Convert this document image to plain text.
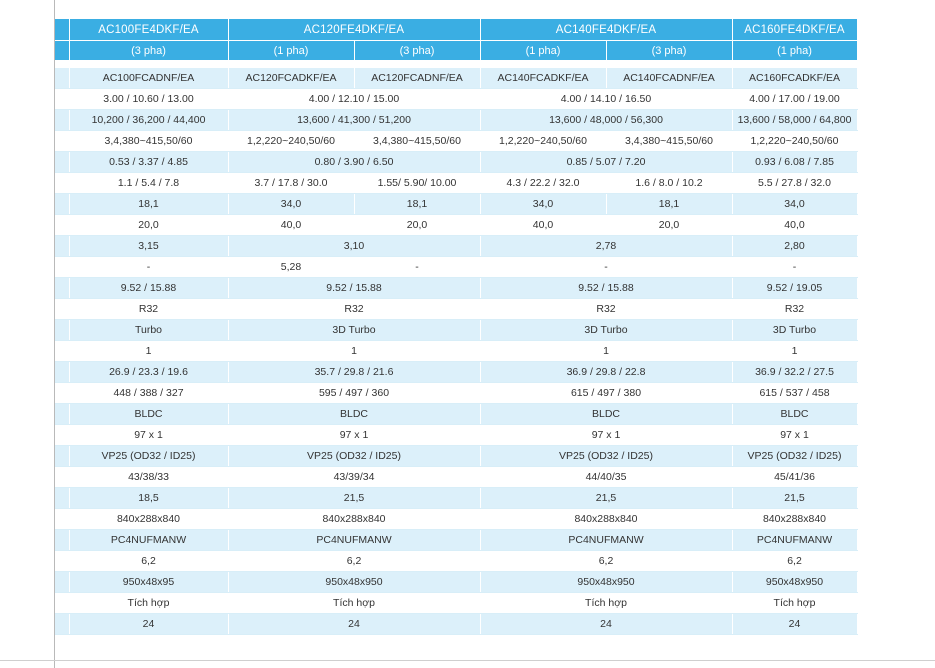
	AC100FE4DKF/EA	AC120FE4DKF/EA		AC140FE4DKF/EA		AC160FE4DKF/EA
	(3 pha)	(1 pha)	(3 pha)	(1 pha)	(3 pha)	(1 pha)

	AC100FCADNF/EA	AC120FCADKF/EA	AC120FCADNF/EA	AC140FCADKF/EA	AC140FCADNF/EA	AC160FCADKF/EA
	3.00 / 10.60 / 13.00	4.00 / 12.10 / 15.00		4.00 / 14.10 / 16.50		4.00 / 17.00 / 19.00
	10,200 / 36,200 / 44,400	13,600 / 41,300 / 51,200		13,600 / 48,000 / 56,300		13,600 / 58,000 / 64,800
	3,4,380~415,50/60	1,2,220~240,50/60	3,4,380~415,50/60	1,2,220~240,50/60	3,4,380~415,50/60	1,2,220~240,50/60
	0.53 / 3.37 / 4.85	0.80 / 3.90 / 6.50		0.85 / 5.07 / 7.20		0.93 / 6.08 / 7.85
	1.1 / 5.4 / 7.8	3.7 / 17.8 / 30.0	1.55/ 5.90/ 10.00	4.3 / 22.2 / 32.0	1.6 / 8.0 / 10.2	5.5 / 27.8 / 32.0
	18,1	34,0	18,1	34,0	18,1	34,0
	20,0	40,0	20,0	40,0	20,0	40,0
	3,15	3,10		2,78		2,80
	-	5,28	-	-		-
	9.52 / 15.88	9.52 / 15.88		9.52 / 15.88		9.52 / 19.05
	R32	R32		R32		R32
	Turbo	3D Turbo		3D Turbo		3D Turbo
	1	1		1		1
	26.9 / 23.3 / 19.6	35.7 / 29.8 / 21.6		36.9 / 29.8 / 22.8		36.9 / 32.2 / 27.5
	448 / 388 / 327	595 / 497 / 360		615 / 497 / 380		615 / 537 / 458
	BLDC	BLDC		BLDC		BLDC
	97 x 1	97 x 1		97 x 1		97 x 1
	VP25 (OD32 / ID25)	VP25 (OD32 / ID25)		VP25 (OD32 / ID25)		VP25 (OD32 / ID25)
	43/38/33	43/39/34		44/40/35		45/41/36
	18,5	21,5		21,5		21,5
	840x288x840	840x288x840		840x288x840		840x288x840
	PC4NUFMANW	PC4NUFMANW		PC4NUFMANW		PC4NUFMANW
	6,2	6,2		6,2		6,2
	950x48x95	950x48x950		950x48x950		950x48x950
	Tích hợp	Tích hợp		Tích hợp		Tích hợp
	24	24		24		24
